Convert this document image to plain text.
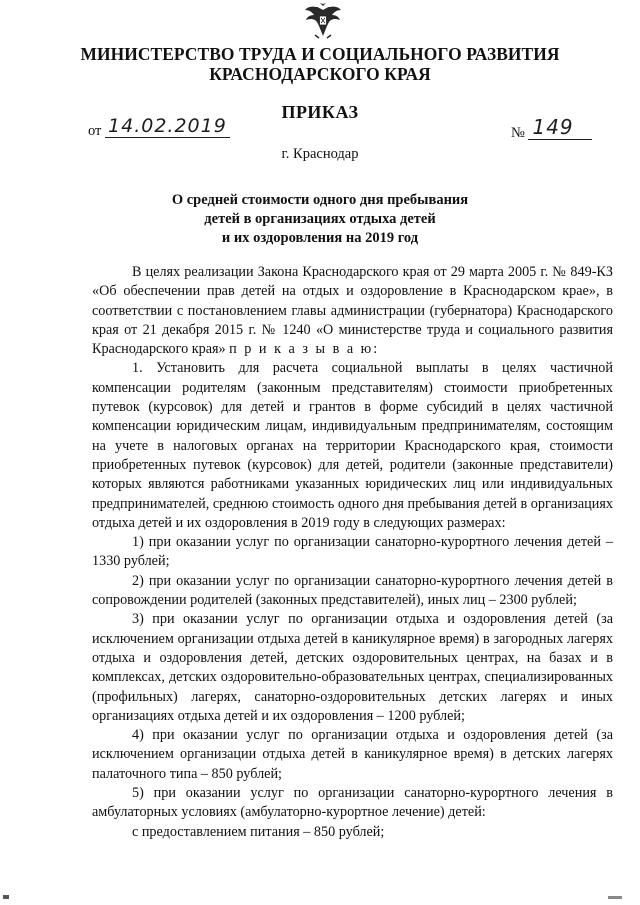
МИНИСТЕРСТВО ТРУДА И СОЦИАЛЬНОГО РАЗВИТИЯ
КРАСНОДАРСКОГО КРАЯ
ПРИКАЗ
от 14.02.2019	№ 149
г. Краснодар
О средней стоимости одного дня пребывания
детей в организациях отдыха детей
и их оздоровления на 2019 год

В целях реализации Закона Краснодарского края от 29 марта 2005 г. № 849-КЗ «Об обеспечении прав детей на отдых и оздоровление в Краснодарском крае», в соответствии с постановлением главы администрации (губернатора) Краснодарского края от 21 декабря 2015 г. № 1240 «О министерстве труда и социального развития Краснодарского края» п р и к а з ы в а ю:

1. Установить для расчета социальной выплаты в целях частичной компенсации родителям (законным представителям) стоимости приобретенных путевок (курсовок) для детей и грантов в форме субсидий в целях частичной компенсации юридическим лицам, индивидуальным предпринимателям, состоящим на учете в налоговых органах на территории Краснодарского края, стоимости приобретенных путевок (курсовок) для детей, родители (законные представители) которых являются работниками указанных юридических лиц или индивидуальных предпринимателей, среднюю стоимость одного дня пребывания детей в организациях отдыха детей и их оздоровления в 2019 году в следующих размерах:

1) при оказании услуг по организации санаторно-курортного лечения детей – 1330 рублей;

2) при оказании услуг по организации санаторно-курортного лечения детей в сопровождении родителей (законных представителей), иных лиц – 2300 рублей;

3) при оказании услуг по организации отдыха и оздоровления детей (за исключением организации отдыха детей в каникулярное время) в загородных лагерях отдыха и оздоровления детей, детских оздоровительных центрах, на базах и в комплексах, детских оздоровительно-образовательных центрах, специализированных (профильных) лагерях, санаторно-оздоровительных детских лагерях и иных организациях отдыха детей и их оздоровления – 1200 рублей;

4) при оказании услуг по организации отдыха и оздоровления детей (за исключением организации отдыха детей в каникулярное время) в детских лагерях палаточного типа – 850 рублей;

5) при оказании услуг по организации санаторно-курортного лечения в амбулаторных условиях (амбулаторно-курортное лечение) детей:

с предоставлением питания – 850 рублей;
